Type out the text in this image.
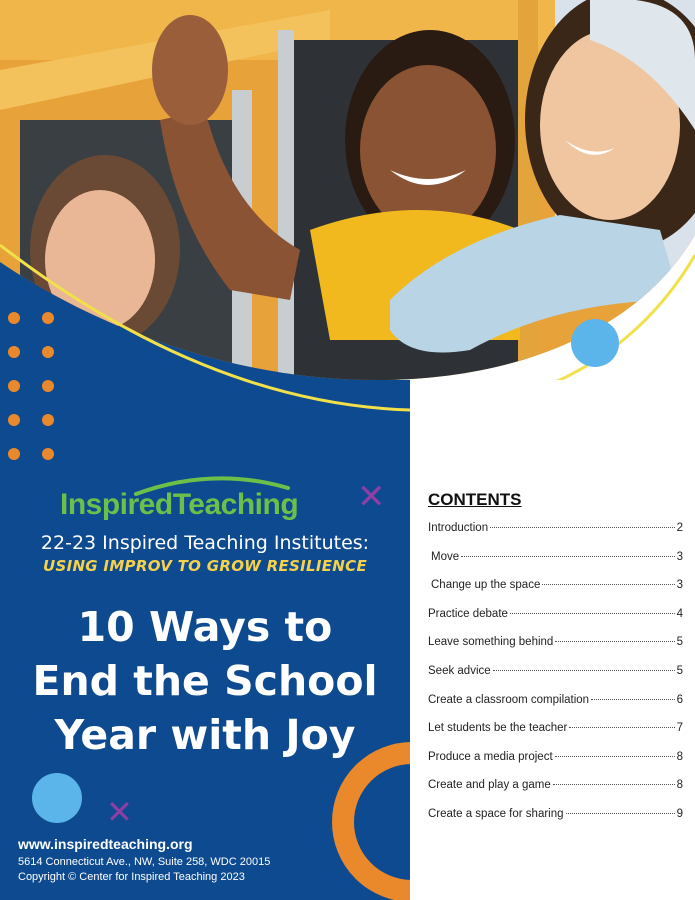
InspiredTeaching ✕
22-23 Inspired Teaching Institutes:
USING IMPROV TO GROW RESILIENCE
10 Ways to
End the School
Year with Joy
✕
www.inspiredteaching.org
5614 Connecticut Ave., NW, Suite 258, WDC 20015
Copyright © Center for Inspired Teaching 2023
CONTENTS
Introduction	2
Move	3
Change up the space	3
Practice debate	4
Leave something behind	5
Seek advice	5
Create a classroom compilation	6
Let students be the teacher	7
Produce a media project	8
Create and play a game	8
Create a space for sharing	9
